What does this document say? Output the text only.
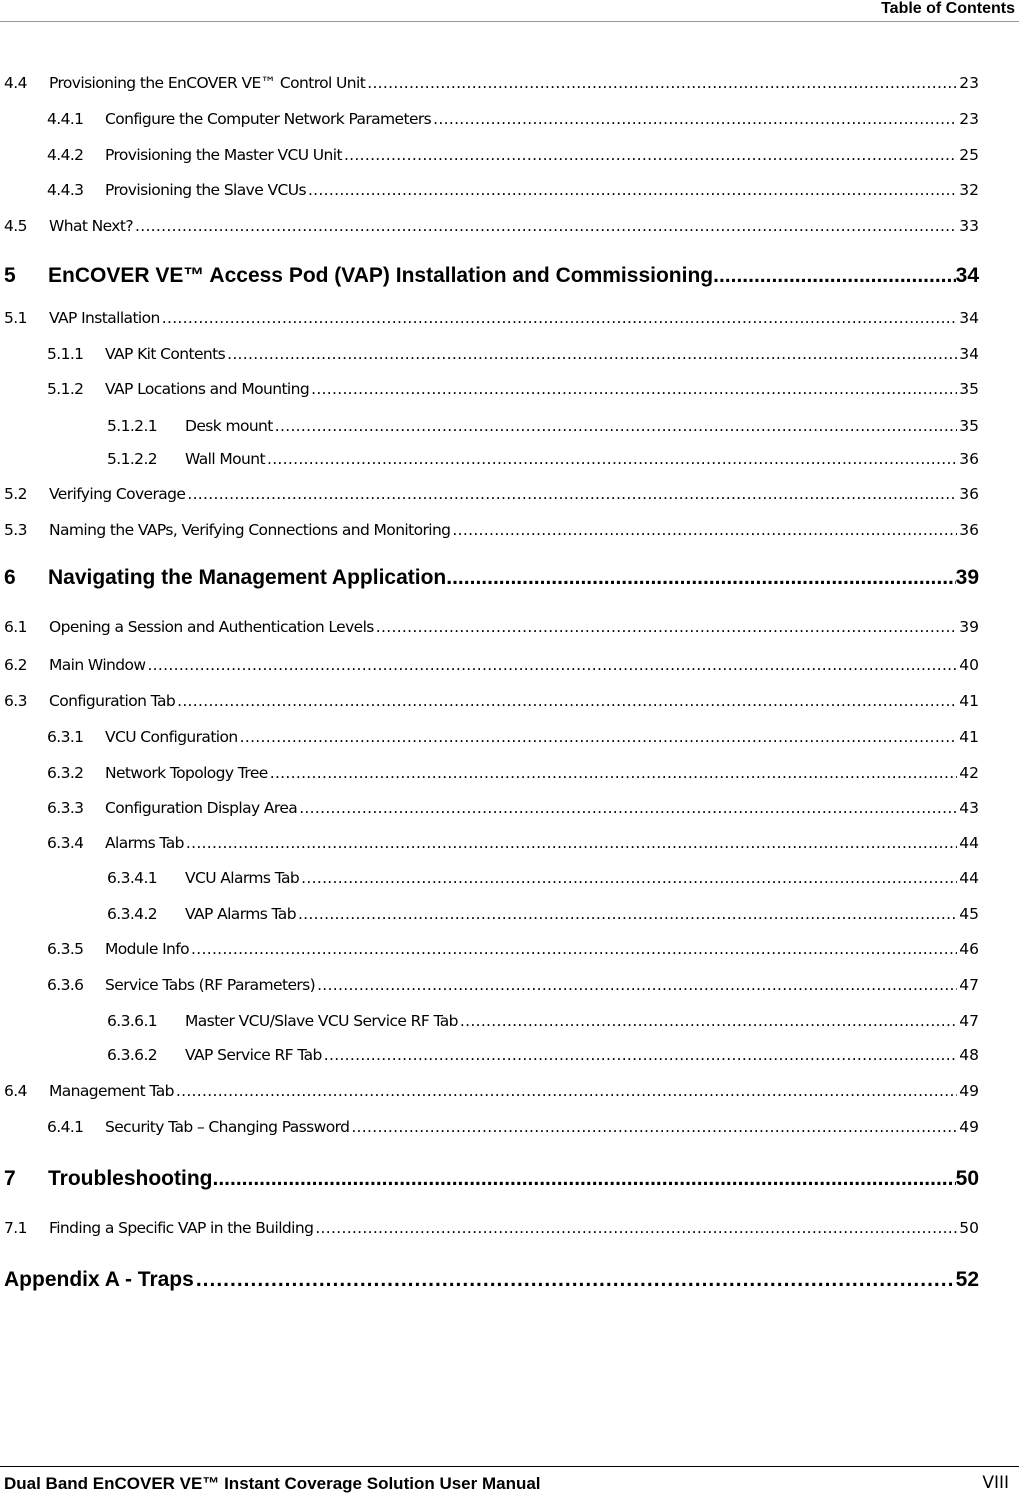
Table of Contents
4.4	Provisioning the EnCOVER VE™ Control Unit .....	23
4.4.1	Configure the Computer Network Parameters .....	23
4.4.2	Provisioning the Master VCU Unit .....	25
4.4.3	Provisioning the Slave VCUs .....	32
4.5	What Next? .....	33
5	EnCOVER VE™ Access Pod (VAP) Installation and Commissioning .....	34
5.1	VAP Installation .....	34
5.1.1	VAP Kit Contents .....	34
5.1.2	VAP Locations and Mounting .....	35
5.1.2.1	Desk mount .....	35
5.1.2.2	Wall Mount .....	36
5.2	Verifying Coverage .....	36
5.3	Naming the VAPs, Verifying Connections and Monitoring .....	36
6	Navigating the Management Application .....	39
6.1	Opening a Session and Authentication Levels .....	39
6.2	Main Window .....	40
6.3	Configuration Tab .....	41
6.3.1	VCU Configuration .....	41
6.3.2	Network Topology Tree .....	42
6.3.3	Configuration Display Area .....	43
6.3.4	Alarms Tab .....	44
6.3.4.1	VCU Alarms Tab .....	44
6.3.4.2	VAP Alarms Tab .....	45
6.3.5	Module Info .....	46
6.3.6	Service Tabs (RF Parameters) .....	47
6.3.6.1	Master VCU/Slave VCU Service RF Tab .....	47
6.3.6.2	VAP Service RF Tab .....	48
6.4	Management Tab .....	49
6.4.1	Security Tab – Changing Password .....	49
7	Troubleshooting .....	50
7.1	Finding a Specific VAP in the Building .....	50
Appendix A - Traps .....	52
Dual Band EnCOVER VE™ Instant Coverage Solution User Manual	VIII
